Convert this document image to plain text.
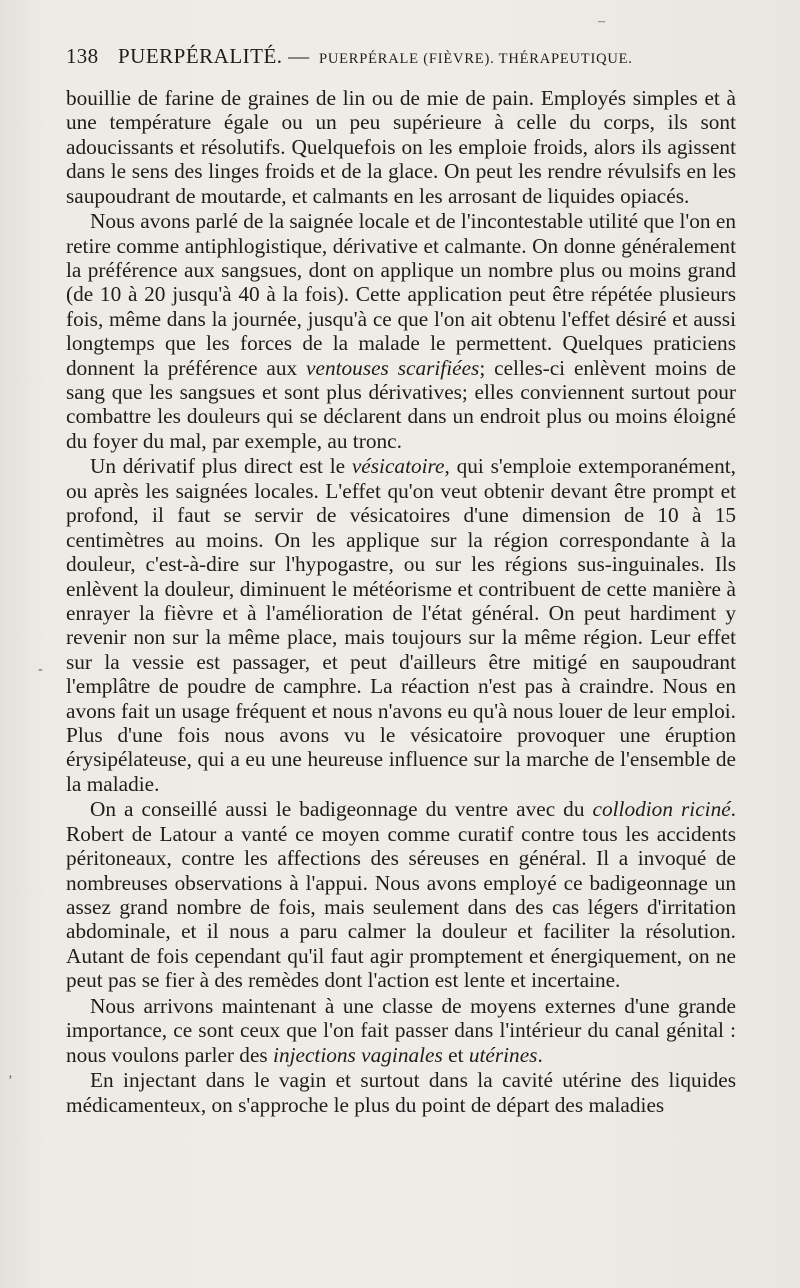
–
-
‚
138 PUERPÉRALITÉ. — PUERPÉRALE (FIÈVRE). THÉRAPEUTIQUE.

bouillie de farine de graines de lin ou de mie de pain. Employés simples et à une température égale ou un peu supérieure à celle du corps, ils sont adoucissants et résolutifs. Quelquefois on les emploie froids, alors ils agissent dans le sens des linges froids et de la glace. On peut les rendre révulsifs en les saupoudrant de moutarde, et calmants en les arrosant de liquides opiacés.

Nous avons parlé de la saignée locale et de l'incontestable utilité que l'on en retire comme antiphlogistique, dérivative et calmante. On donne généralement la préférence aux sangsues, dont on applique un nombre plus ou moins grand (de 10 à 20 jusqu'à 40 à la fois). Cette application peut être répétée plusieurs fois, même dans la journée, jusqu'à ce que l'on ait obtenu l'effet désiré et aussi longtemps que les forces de la malade le permettent. Quelques praticiens donnent la préférence aux ventouses scarifiées; celles-ci enlèvent moins de sang que les sangsues et sont plus dérivatives; elles conviennent surtout pour combattre les douleurs qui se déclarent dans un endroit plus ou moins éloigné du foyer du mal, par exemple, au tronc.

Un dérivatif plus direct est le vésicatoire, qui s'emploie extemporanément, ou après les saignées locales. L'effet qu'on veut obtenir devant être prompt et profond, il faut se servir de vésicatoires d'une dimension de 10 à 15 centimètres au moins. On les applique sur la région correspondante à la douleur, c'est-à-dire sur l'hypogastre, ou sur les régions sus-inguinales. Ils enlèvent la douleur, diminuent le météorisme et contribuent de cette manière à enrayer la fièvre et à l'amélioration de l'état général. On peut hardiment y revenir non sur la même place, mais toujours sur la même région. Leur effet sur la vessie est passager, et peut d'ailleurs être mitigé en saupoudrant l'emplâtre de poudre de camphre. La réaction n'est pas à craindre. Nous en avons fait un usage fréquent et nous n'avons eu qu'à nous louer de leur emploi. Plus d'une fois nous avons vu le vésicatoire provoquer une éruption érysipélateuse, qui a eu une heureuse influence sur la marche de l'ensemble de la maladie.

On a conseillé aussi le badigeonnage du ventre avec du collodion riciné. Robert de Latour a vanté ce moyen comme curatif contre tous les accidents péritoneaux, contre les affections des séreuses en général. Il a invoqué de nombreuses observations à l'appui. Nous avons employé ce badigeonnage un assez grand nombre de fois, mais seulement dans des cas légers d'irritation abdominale, et il nous a paru calmer la douleur et faciliter la résolution. Autant de fois cependant qu'il faut agir promptement et énergiquement, on ne peut pas se fier à des remèdes dont l'action est lente et incertaine.

Nous arrivons maintenant à une classe de moyens externes d'une grande importance, ce sont ceux que l'on fait passer dans l'intérieur du canal génital : nous voulons parler des injections vaginales et utérines.

En injectant dans le vagin et surtout dans la cavité utérine des liquides médicamenteux, on s'approche le plus du point de départ des maladies
